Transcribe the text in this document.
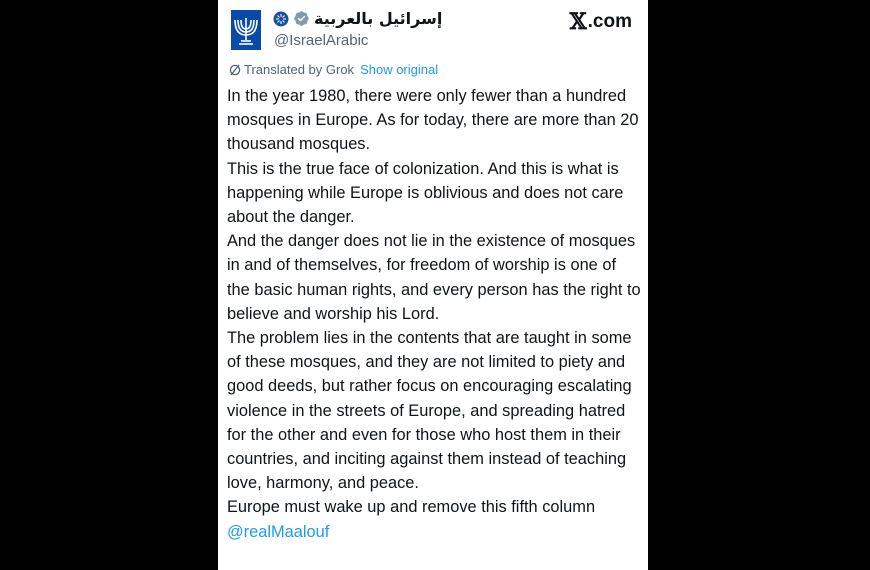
إسرائيل بالعربية
@IsraelArabic
𝕏 .com
Translated by Grok Show original

In the year 1980, there were only fewer than a hundred mosques in Europe. As for today, there are more than 20 thousand mosques.

This is the true face of colonization. And this is what is happening while Europe is oblivious and does not care about the danger.

And the danger does not lie in the existence of mosques in and of themselves, for freedom of worship is one of the basic human rights, and every person has the right to believe and worship his Lord.

The problem lies in the contents that are taught in some of these mosques, and they are not limited to piety and good deeds, but rather focus on encouraging escalating violence in the streets of Europe, and spreading hatred for the other and even for those who host them in their countries, and inciting against them instead of teaching love, harmony, and peace.

Europe must wake up and remove this fifth column

@realMaalouf
